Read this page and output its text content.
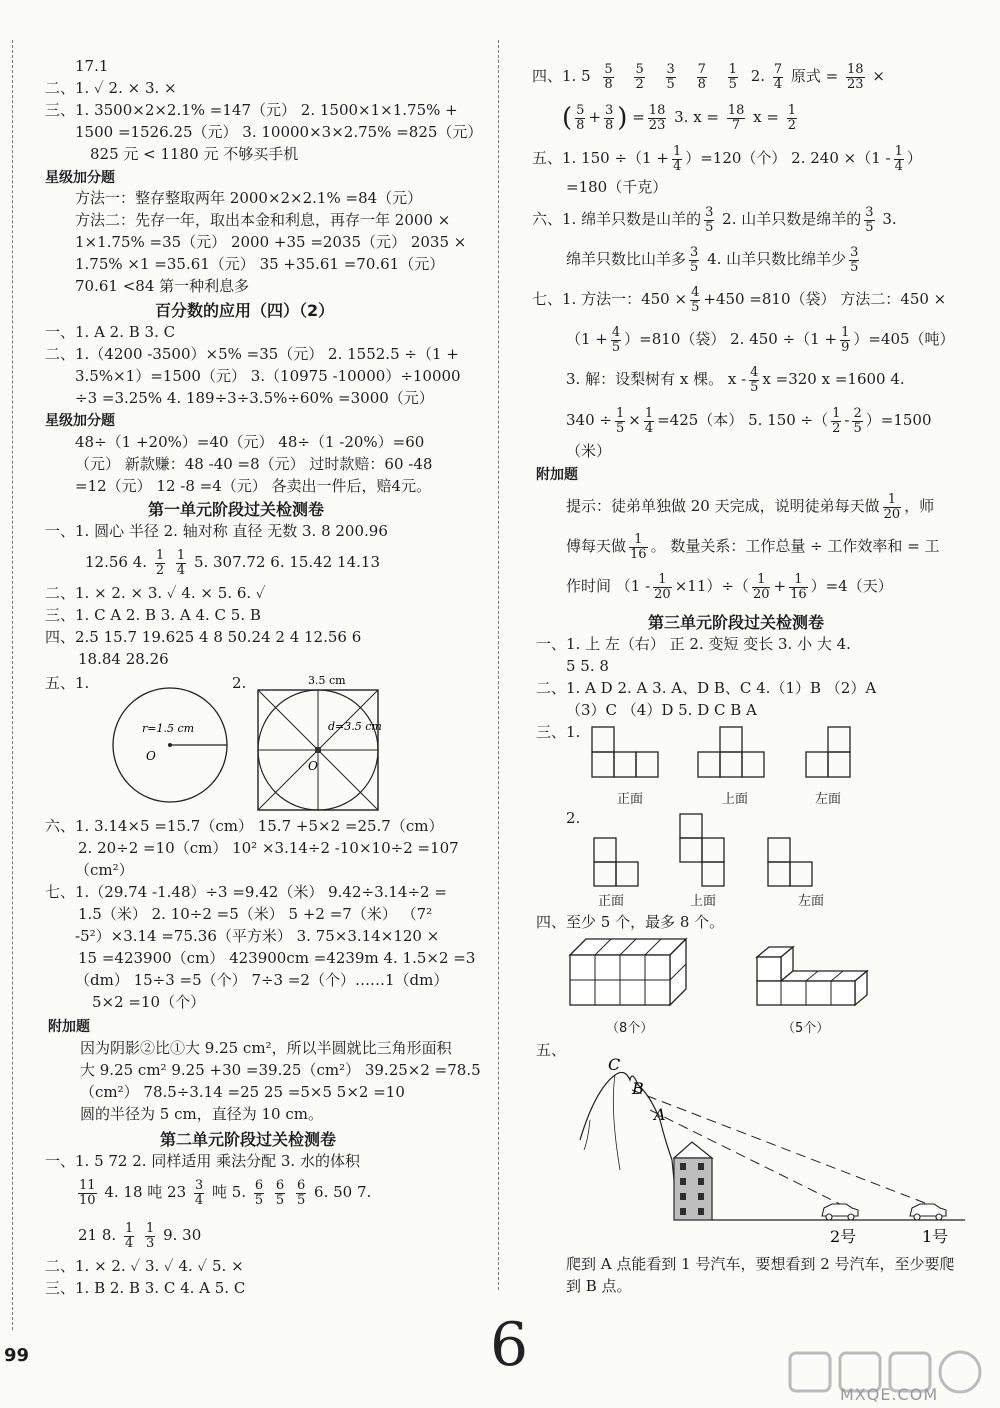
17.1
二、1. ✓ 2. × 3. ×
三、1. 3500×2×2.1% =147（元） 2. 1500×1×1.75% +
1500 =1526.25（元） 3. 10000×3×2.75% =825（元）
825 元 < 1180 元 不够买手机
星级加分题
方法一：整存整取两年 2000×2×2.1% =84（元）
方法二：先存一年，取出本金和利息，再存一年 2000 ×
1×1.75% =35（元） 2000 +35 =2035（元） 2035 ×
1.75% ×1 =35.61（元） 35 +35.61 =70.61（元）
70.61 <84 第一种利息多
百分数的应用（四）（2）
一、1. A 2. B 3. C
二、1.（4200 -3500）×5% =35（元） 2. 1552.5 ÷（1 +
3.5%×1）=1500（元） 3.（10975 -10000）÷10000
÷3 =3.25% 4. 189÷3÷3.5%÷60% =3000（元）
星级加分题
48÷（1 +20%）=40（元） 48÷（1 -20%）=60
（元） 新款赚：48 -40 =8（元） 过时款赔：60 -48
=12（元） 12 -8 =4（元） 各卖出一件后，赔4元。
第一单元阶段过关检测卷
一、1. 圆心 半径 2. 轴对称 直径 无数 3. 8 200.96
12.56 4. $\frac{1}{2}$
$\frac{1}{4} 5$. 307.72 6. 15.42 14.13
二、1. × 2. × 3. ✓ 4. × 5. 6. ✓
三、1. C A 2. B 3. A 4. C 5. B
四、2.5 15.7 19.625 4 8 50.24 2 4 12.56 6
18.84 28.26
五、1.	2.
r=1.5 cm
O
3.5 cm
d=3.5 cm
O
六、1. 3.14×5 =15.7（cm） 15.7 +5×2 =25.7（cm）
2. 20÷2 =10（cm） 10² ×3.14÷2 -10×10÷2 =107
（cm²）
七、1.（29.74 -1.48）÷3 =9.42（米） 9.42÷3.14÷2 =
1.5（米） 2. 10÷2 =5（米） 5 +2 =7（米） （7²
-5²）×3.14 =75.36（平方米） 3. 75×3.14×120 ×
15 =423900（cm） 423900cm =4239m 4. 1.5×2 =3
（dm） 15÷3 =5（个） 7÷3 =2（个）……1（dm）
5×2 =10（个）
附加题
因为阴影②比①大 9.25 cm²，所以半圆就比三角形面积
大 9.25 cm² 9.25 +30 =39.25（cm²） 39.25×2 =78.5
（cm²） 78.5÷3.14 =25 25 =5×5 5×2 =10
圆的半径为 5 cm，直径为 10 cm。
第二单元阶段过关检测卷
一、1. 5 72 2. 同样适用 乘法分配 3. 水的体积
$\frac{11}{10} 4$. 18 吨 $23 \frac{3}{4}$ 吨 5. $\frac{6}{5}$
$\frac{6}{5}$
$\frac{6}{5} 6$. 50 7.
21 8. $\frac{1}{4}$
$\frac{1}{3} 9$. 30
二、1. × 2. ✓ 3. ✓ 4. ✓ 5. ×
三、1. B 2. B 3. C 4. A 5. C
四、1. $5 \frac{5}{8}$
$\frac{5}{2}$
$\frac{3}{5}$
$\frac{7}{8}$
$\frac{1}{5} 2$. $\frac{7}{4}$ 原式 = $\frac{18}{23}$ ×
( $\frac{5}{8} + \frac{3}{8}$ ) = $\frac{18}{23} 3$. $x = \frac{18}{7}$ $x = \frac{1}{2}$
五、1. $150 \div(1 + \frac{1}{4} )=120$（个） 2. $240 \times(1 - \frac{1}{4}$ ）
=180（千克）
六、1. 绵羊只数是山羊的 $\frac{3}{5} 2$. 山羊只数是绵羊的 $\frac{3}{5} 3$.
绵羊只数比山羊多 $\frac{3}{5} 4$. 山羊只数比绵羊少 $\frac{3}{5}$
七、1. 方法一：$450 \times \frac{4}{5} +450 =810$（袋） 方法二：450 ×
$(1 + \frac{4}{5} )=810$（袋） 2. $450 \div(1 + \frac{1}{9} )=405$（吨）
3. 解：设梨树有 x 棵。 x - $\frac{4}{5}$ x =320 x =1600 4.
$340 \div \frac{1}{5} \times \frac{1}{4} =425$（本） 5. 150 ÷（ $\frac{1}{2} - \frac{2}{5} )=1500$
（米）
附加题
提示：徒弟单独做 20 天完成，说明徒弟每天做 $\frac{1}{20}$ ，师
傅每天做 $\frac{1}{16}$ 。 数量关系：工作总量 ÷ 工作效率和 = 工
作时间 $(1 - \frac{1}{20} \times 11)\div( \frac{1}{20} + \frac{1}{16} )=4$（天）
第三单元阶段过关检测卷
一、1. 上 左（右） 正 2. 变短 变长 3. 小 大 4.
5 5. 8
二、1. A D 2. A 3. A、D B、C 4.（1）B （2）A
（3）C （4）D 5. D C B A
三、1.
正面	上面	左面
2.
正面	上面	左面
四、至少 5 个，最多 8 个。
（8个）	（5个）
五、
C
B
A
2号	1号
爬到 A 点能看到 1 号汽车，要想看到 2 号汽车，至少要爬
到 B 点。
99	6
MXQE.COM
